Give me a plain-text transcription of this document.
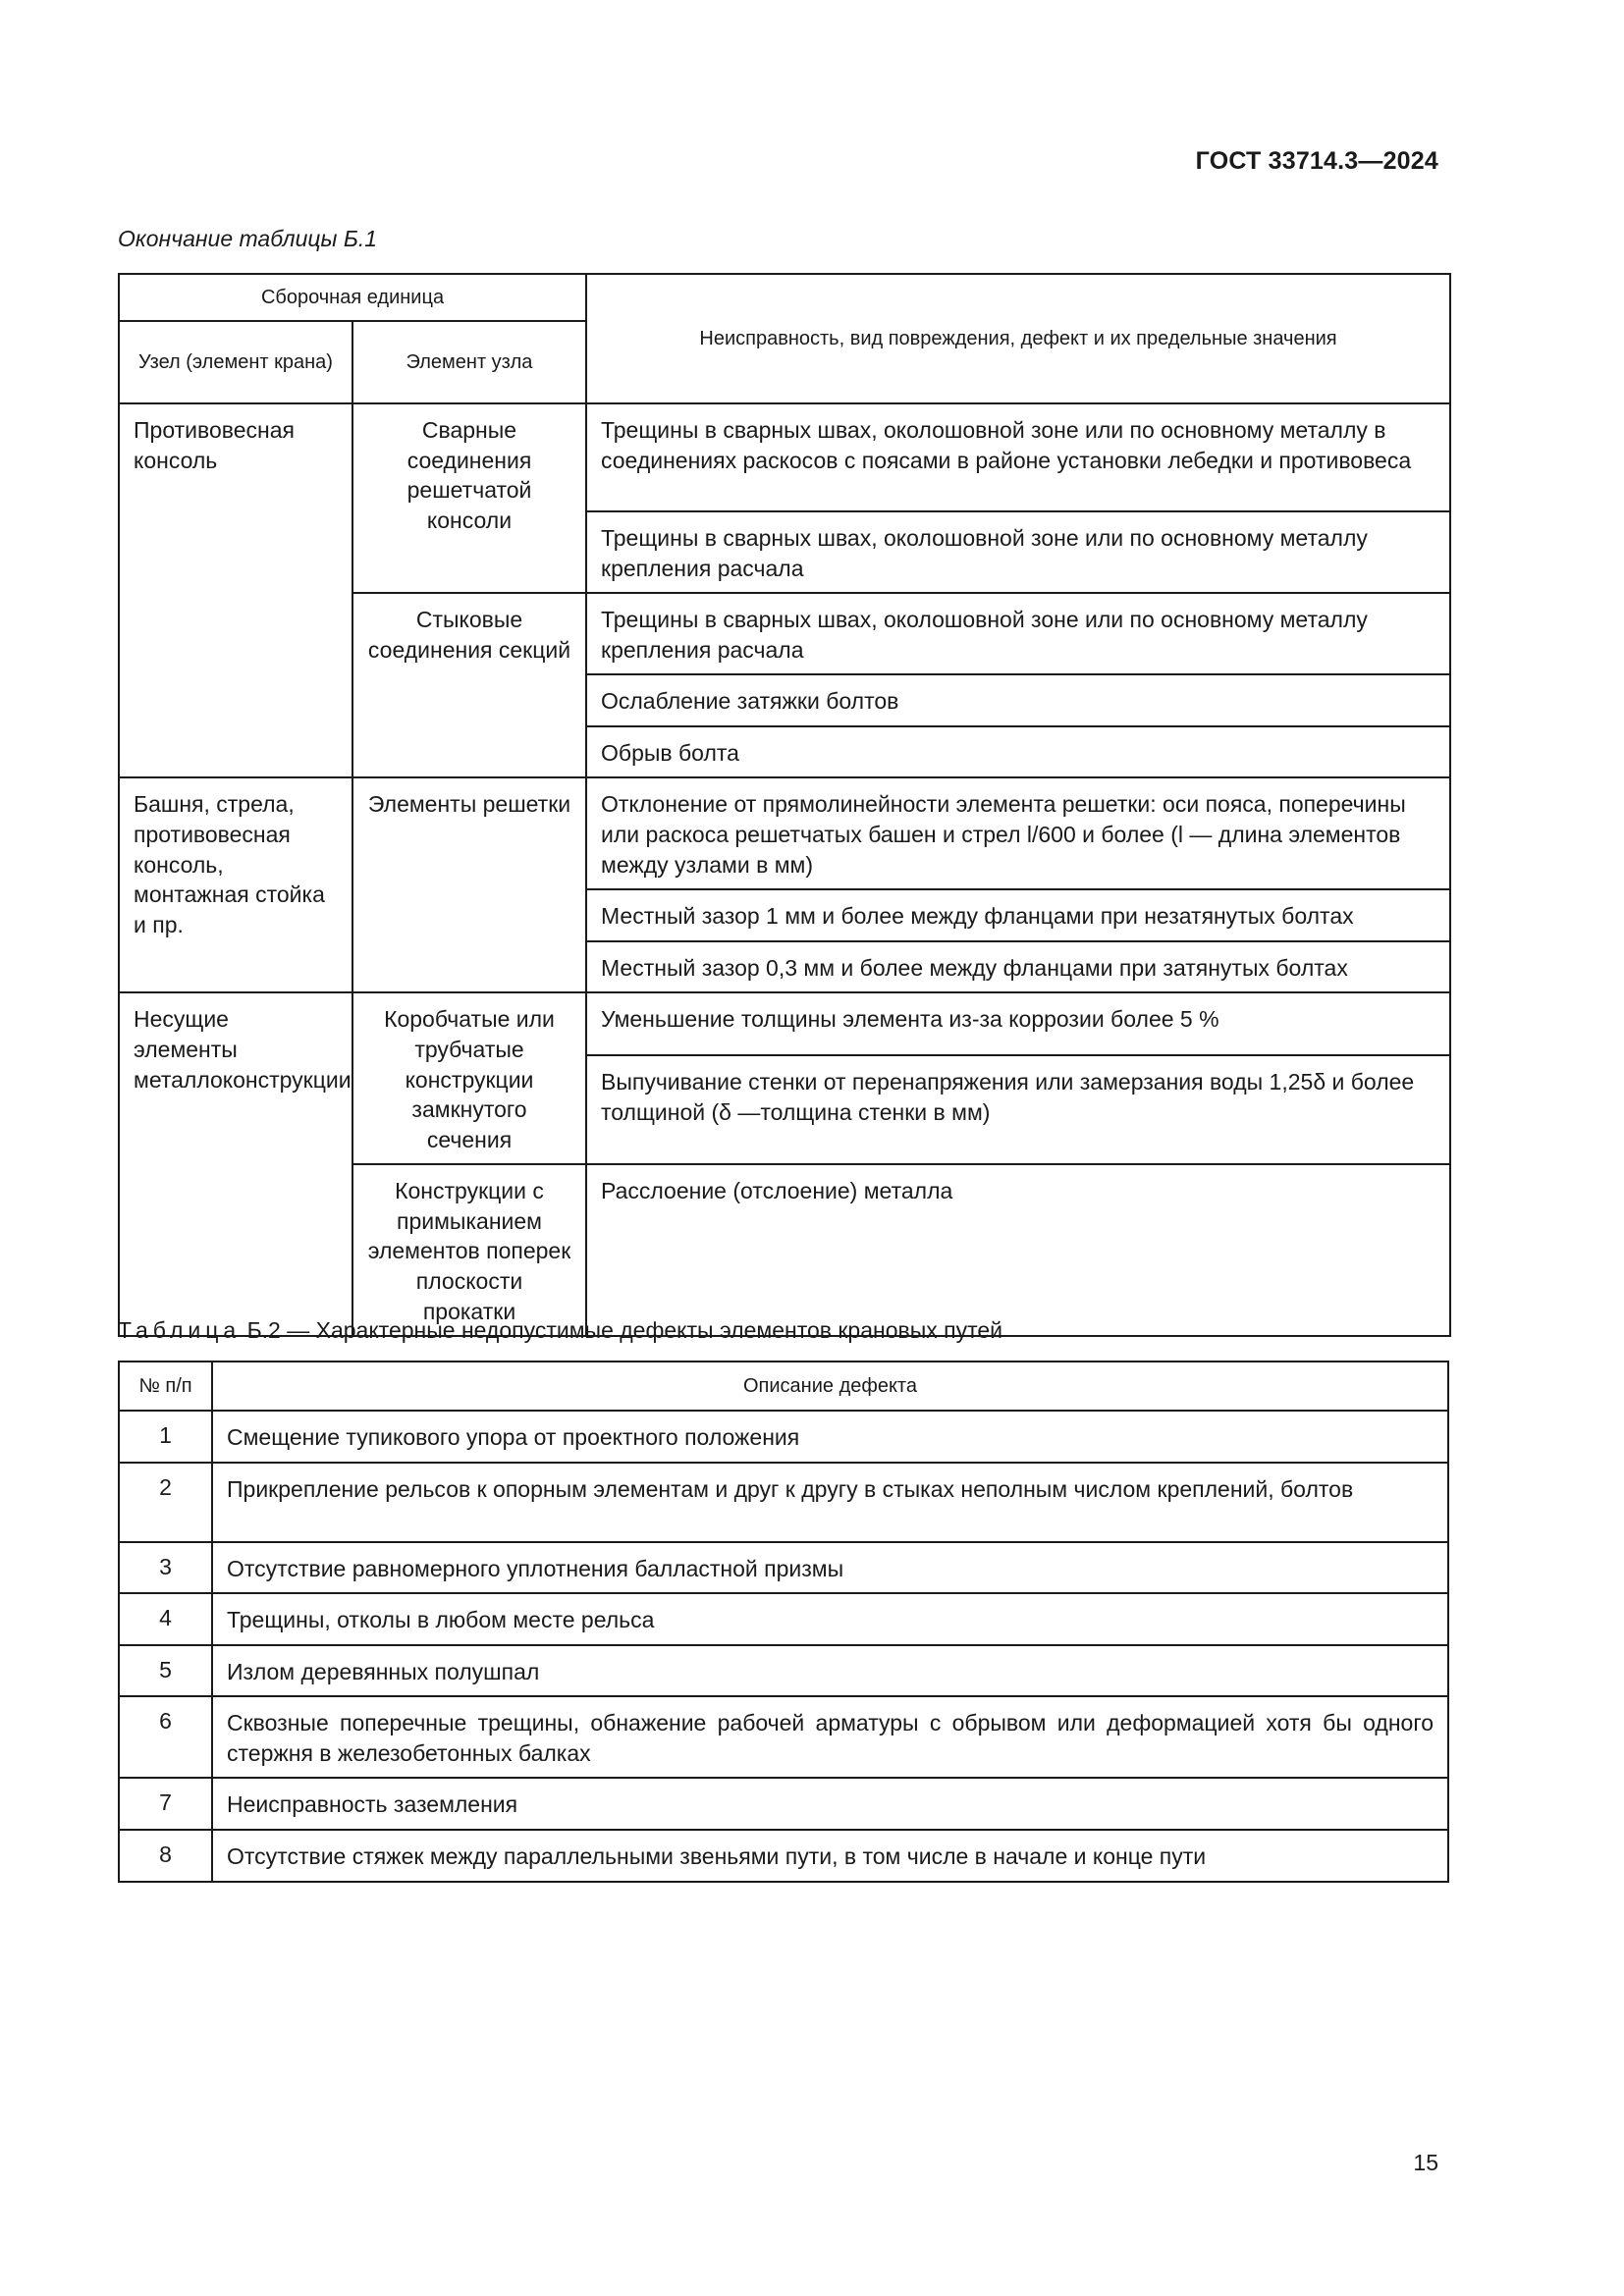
ГОСТ 33714.3—2024
Окончание таблицы Б.1
Сборочная единица		Неисправность, вид повреждения, дефект и их предельные значения
Узел (элемент крана)	Элемент узла	
Противовесная консоль	Сварные соединения решетчатой консоли	Трещины в сварных швах, околошовной зоне или по основному металлу в соединениях раскосов с поясами в районе установки лебедки и противовеса
		Трещины в сварных швах, околошовной зоне или по основному металлу крепления расчала
	Стыковые соединения секций	Трещины в сварных швах, околошовной зоне или по основному металлу крепления расчала
		Ослабление затяжки болтов
		Обрыв болта
Башня, стрела, противовесная консоль, монтажная стойка и пр.	Элементы решетки	Отклонение от прямолинейности элемента решетки: оси пояса, поперечины или раскоса решетчатых башен и стрел l/600 и более (l — длина элементов между узлами в мм)
		Местный зазор 1 мм и более между фланцами при незатянутых болтах
		Местный зазор 0,3 мм и более между фланцами при затянутых болтах
Несущие элементы металлоконструкции	Коробчатые или трубчатые конструкции замкнутого сечения	Уменьшение толщины элемента из-за коррозии более 5 %
		Выпучивание стенки от перенапряжения или замерзания воды 1,25δ и более толщиной (δ —толщина стенки в мм)
	Конструкции с примыканием элементов поперек плоскости прокатки	Расслоение (отслоение) металла
Таблица Б.2 — Характерные недопустимые дефекты элементов крановых путей
№ п/п	Описание дефекта
1	Смещение тупикового упора от проектного положения
2	Прикрепление рельсов к опорным элементам и друг к другу в стыках неполным числом креплений, болтов
3	Отсутствие равномерного уплотнения балластной призмы
4	Трещины, отколы в любом месте рельса
5	Излом деревянных полушпал
6	Сквозные поперечные трещины, обнажение рабочей арматуры с обрывом или деформацией хотя бы одного стержня в железобетонных балках
7	Неисправность заземления
8	Отсутствие стяжек между параллельными звеньями пути, в том числе в начале и конце пути
15
